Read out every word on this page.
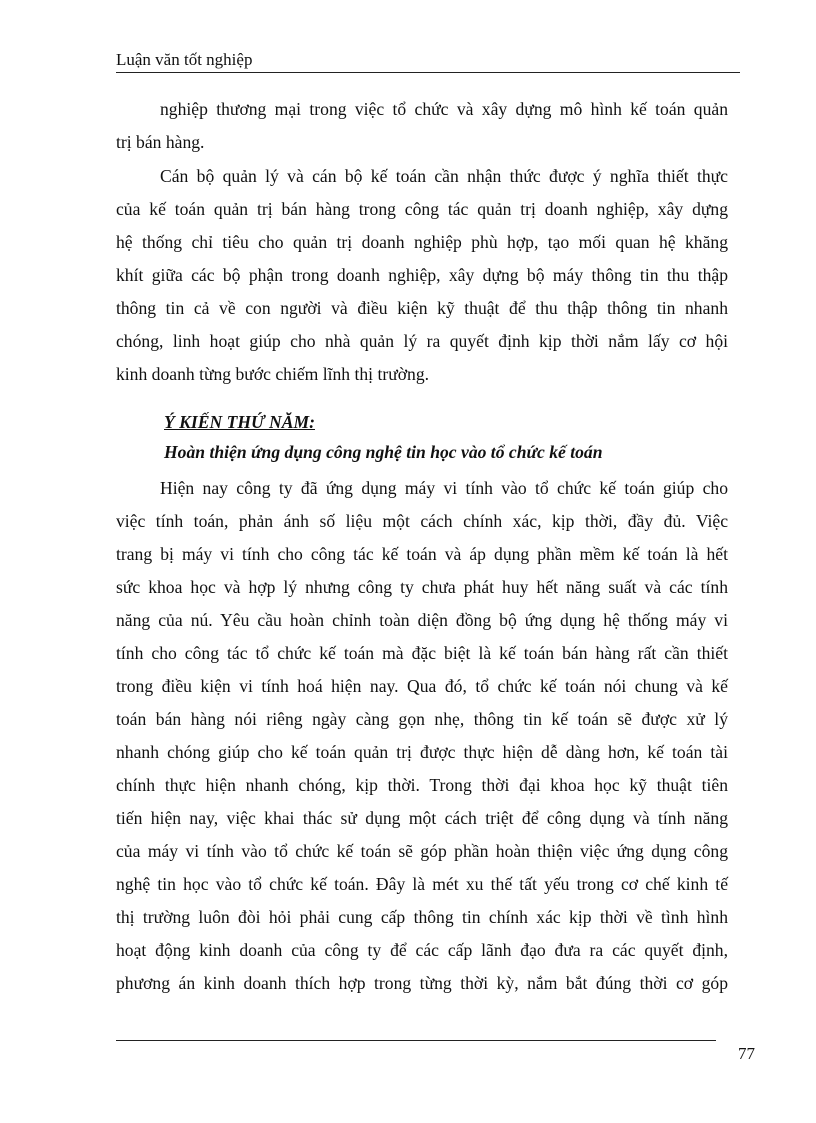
Luận văn tốt nghiệp
nghiệp thương mại trong việc tổ chức và xây dựng mô hình kế toán quản
trị bán hàng.
Cán bộ quản lý và cán bộ kế toán cần nhận thức được ý nghĩa thiết thực
của kế toán quản trị bán hàng trong công tác quản trị doanh nghiệp, xây dựng
hệ thống chỉ tiêu cho quản trị doanh nghiệp phù hợp, tạo mối quan hệ khăng
khít giữa các bộ phận trong doanh nghiệp, xây dựng bộ máy thông tin thu thập
thông tin cả về con người và điều kiện kỹ thuật để thu thập thông tin nhanh
chóng, linh hoạt giúp cho nhà quản lý ra quyết định kịp thời nắm lấy cơ hội
kinh doanh từng bước chiếm lĩnh thị trường.
Ý KIẾN THỨ NĂM:
Hoàn thiện ứng dụng công nghệ tin học vào tổ chức kế toán
Hiện nay công ty đã ứng dụng máy vi tính vào tổ chức kế toán giúp cho
việc tính toán, phản ánh số liệu một cách chính xác, kịp thời, đầy đủ. Việc
trang bị máy vi tính cho công tác kế toán và áp dụng phần mềm kế toán là hết
sức khoa học và hợp lý nhưng công ty chưa phát huy hết năng suất và các tính
năng của nú. Yêu cầu hoàn chỉnh toàn diện đồng bộ ứng dụng hệ thống máy vi
tính cho công tác tổ chức kế toán mà đặc biệt là kế toán bán hàng rất cần thiết
trong điều kiện vi tính hoá hiện nay. Qua đó, tổ chức kế toán nói chung và kế
toán bán hàng nói riêng ngày càng gọn nhẹ, thông tin kế toán sẽ được xử lý
nhanh chóng giúp cho kế toán quản trị được thực hiện dễ dàng hơn, kế toán tài
chính thực hiện nhanh chóng, kịp thời. Trong thời đại khoa học kỹ thuật tiên
tiến hiện nay, việc khai thác sử dụng một cách triệt để công dụng và tính năng
của máy vi tính vào tổ chức kế toán sẽ góp phần hoàn thiện việc ứng dụng công
nghệ tin học vào tổ chức kế toán. Đây là mét xu thế tất yếu trong cơ chế kinh tế
thị trường luôn đòi hỏi phải cung cấp thông tin chính xác kịp thời về tình hình
hoạt động kinh doanh của công ty để các cấp lãnh đạo đưa ra các quyết định,
phương án kinh doanh thích hợp trong từng thời kỳ, nắm bắt đúng thời cơ góp
77
